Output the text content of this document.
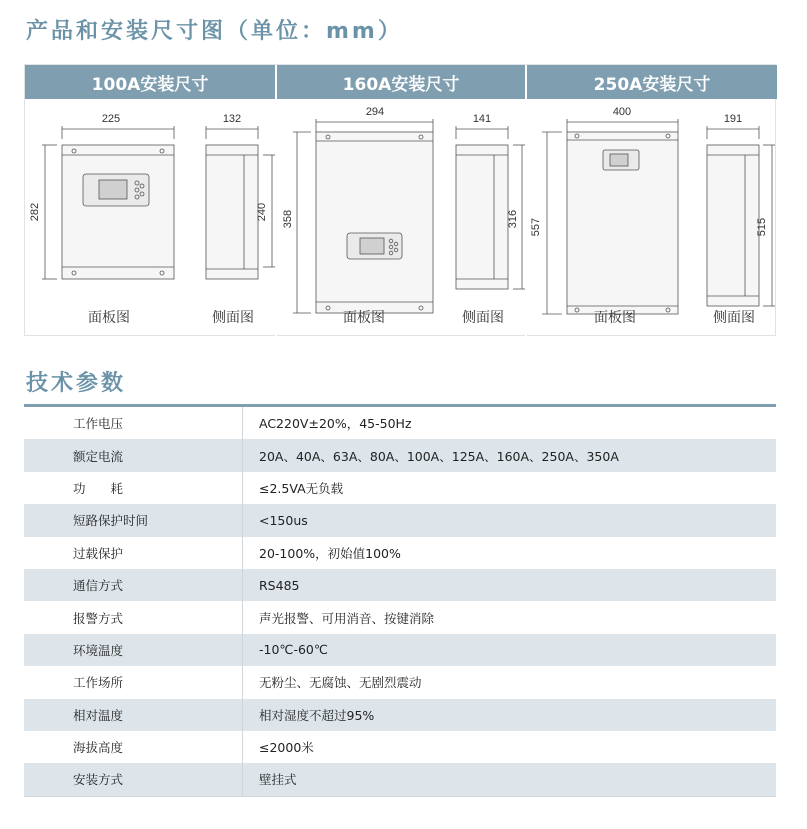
产品和安装尺寸图（单位：mm）
100A安装尺寸	160A安装尺寸	250A安装尺寸
225
282
132
240
294
358
141
316
400
557
191
515
面板图	侧面图	面板图	侧面图	面板图	侧面图
技术参数
工作电压	AC220V±20%，45-50Hz
额定电流	20A、40A、63A、80A、100A、125A、160A、250A、350A
功　　耗	≤2.5VA无负载
短路保护时间	<150us
过载保护	20-100%，初始值100%
通信方式	RS485
报警方式	声光报警、可用消音、按键消除
环境温度	-10℃-60℃
工作场所	无粉尘、无腐蚀、无剧烈震动
相对温度	相对湿度不超过95%
海拔高度	≤2000米
安装方式	壁挂式
